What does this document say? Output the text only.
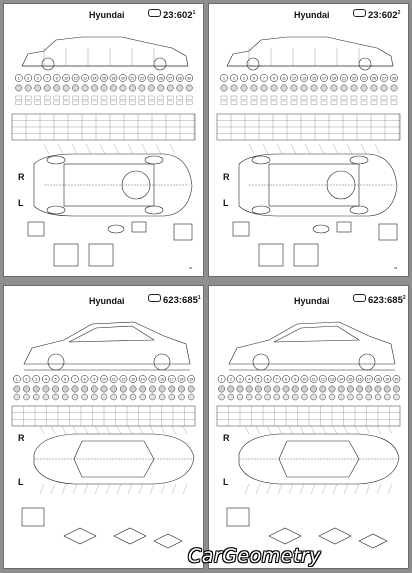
1 2 3 7 9 10 12 13 14 16 18 20 21 22 23 26 27 28 30
Hyundai	$23:602^1$
R
L
82
1 2 3 5 7 9 11 12 13 15 17 19 21 22 23 26 27 28
Hyundai	$23:602^2$
R
L
83
1 2 3 4 5 6 7 8 9 10 11 12 13 14 15 16 17 18 19
Hyundai	$623:685^1$
R
L
1 2 3 4 5 6 7 8 9 10 11 12 13 14 15 16 17 18 19 20
Hyundai	$623:685^2$
R
L
CarGeometry
